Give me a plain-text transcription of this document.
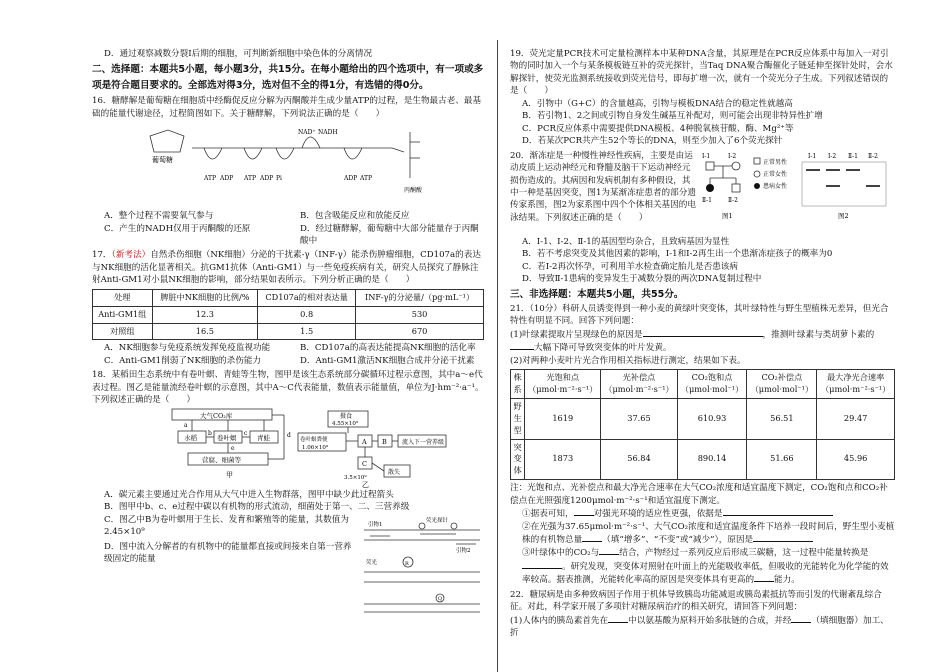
D．通过观察减数分裂Ⅰ后期的细胞，可判断新细胞中染色体的分离情况

二、选择题：本题共5小题，每小题3分，共15分。在每小题给出的四个选项中，有一项或多项是符合题目要求的。全部选对得3分，选对但不全的得1分，有选错的得0分。

16．糖酵解是葡萄糖在细胞质中经酶促反应分解为丙酮酸并生成少量ATP的过程，是生物最古老、最基础的能量代谢途径，过程简图如下。关于糖酵解，下列说法正确的是（　　）

葡萄糖
ATP ADP ATP ADP
NAD⁺ NADH
Pi	ADP ATP
丙酮酸
A．整个过程不需要氧气参与	B．包含吸能反应和放能反应
C．产生的NADH仅用于丙酮酸的还原	D．经过糖酵解，葡萄糖中大部分能量存于丙酮酸中

17．（新考法）自然杀伤细胞（NK细胞）分泌的干扰素-γ（INF-γ）能杀伤肿瘤细胞，CD107a的表达与NK细胞的活化显著相关。抗GM1抗体（Anti-GM1）与一些免疫疾病有关，研究人员探究了静脉注射Anti-GM1对小鼠NK细胞的影响，部分结果如表所示。下列分析正确的是（　　）

处理	脾脏中NK细胞的比例/%	CD107a的相对表达量	INF-γ的分泌量/（pg·mL⁻¹）
Anti-GM1组	12.3	0.8	530
对照组	16.5	1.5	670
A．NK细胞参与免疫系统发挥免疫监视功能	B．CD107a的高表达能提高NK细胞的活化率
C．Anti-GM1削弱了NK细胞的杀伤能力	D．Anti-GM1激活NK细胞合成并分泌干扰素

18．某稻田生态系统中有卷叶螟、青蛙等生物，图甲是该生态系统部分碳循环过程示意图，其中a～e代表过程。图乙是能量流经卷叶螟的示意图，其中A～C代表能量，数值表示能量值，单位为J·hm⁻²·a⁻¹。下列叙述正确的是（　　）

大气CO₂库
水稻	卷叶螟	青蛙
营腐、细菌等
a
b	c	d
e
甲
摄食
4.55×10⁹
卷叶螟粪便
1.06×10⁹
A B
C
3.5×10⁹
流入下一营养级
散失
乙

A．碳元素主要通过光合作用从大气中进入生物群落，图甲中缺少此过程箭头

B．图甲中b、c、e过程中碳以有机物的形式流动，细菌处于第一、二、三营养级

C．图乙中B为卷叶螟用于生长、发育和繁殖等的能量，其数值为 2.45×10⁹

D．图中流入分解者的有机物中的能量都直接或间接来自第一营养级固定的能量

引物1
荧光探针
引物2
荧光	R
Q

19．荧光定量PCR技术可定量检测样本中某种DNA含量，其原理是在PCR反应体系中每加入一对引物的同时加入一个与某条模板链互补的荧光探针，当Taq DNA聚合酶催化子链延伸至探针处时，会水解探针，使荧光监测系统接收到荧光信号，即每扩增一次，就有一个荧光分子生成。下列叙述错误的是（　　）

A．引物中（G+C）的含量越高，引物与模板DNA结合的稳定性就越高

B．若引物1、2之间或引物自身发生碱基互补配对，则可能会出现非特异性扩增

C．PCR反应体系中需要提供DNA模板、4种脱氧核苷酸、酶、Mg²⁺等

D．若某次PCR共产生52个等长的DNA，则至少加入了6个荧光探针

20．渐冻症是一种慢性神经性疾病，主要是由运动皮质上运动神经元和脊髓及脑干下运动神经元损伤造成的。其病因和发病机制有多种假设，其中一种是基因突变，图1为某渐冻症患者的部分遗传家系图，图2为家系图中四个个体相关基因的电泳结果。下列叙述正确的是（　　）

Ⅰ-1	Ⅰ-2
Ⅱ-1	Ⅱ-2
正常男性
正常女性
患病女性
图1
Ⅰ-1 Ⅰ-2 Ⅱ-1 Ⅱ-2
图2

A．Ⅰ-1、Ⅰ-2、Ⅱ-1的基因型均杂合，且致病基因为显性

B．若不考虑突变及其他因素的影响，Ⅰ-1和Ⅰ-2再生出一个患渐冻症孩子的概率为0

C．若Ⅰ-2再次怀孕，可利用羊水检查确定胎儿是否患该病

D．导致Ⅱ-1患病的变异发生于减数分裂的两次DNA复制过程中

三、非选择题：本题共5小题，共55分。

21．（10分）科研人员诱变得到一种小麦的黄绿叶突变体，其叶绿特性与野生型植株无差异，但光合特性有明显不同。回答下列问题：

(1)叶绿素提取片呈现绿色的原因是	，推测叶绿素与类胡萝卜素的

大幅下降可导致突变体的叶片发黄。

(2)对两种小麦叶片光合作用相关指标进行测定，结果如下表。

株系	光饱和点（μmol·m⁻²·s⁻¹）	光补偿点（μmol·m⁻²·s⁻¹）	CO₂饱和点（μmol·mol⁻¹）	CO₂补偿点（μmol·mol⁻¹）	最大净光合速率（μmol·m⁻²·s⁻¹）
野生型	1619	37.65	610.93	56.51	29.47
突变体	1873	56.84	890.14	51.66	45.96

注：光饱和点、光补偿点和最大净光合速率在大气CO₂浓度和适宜温度下测定，CO₂饱和点和CO₂补偿点在光照强度1200μmol·m⁻²·s⁻¹和适宜温度下测定。

①据表可知， 对强光环境的适应性更强，依据是

②在光强为37.65μmol·m⁻²·s⁻¹、大气CO₂浓度和适宜温度条件下培养一段时间后，野生型小麦植株的有机物总量 （填“增多”、“不变”或“减少”），原因是

③叶绿体中的CO₂与 结合，产物经过一系列反应后形成三碳糖，这一过程中能量转换是。研究发现，突变体对照射在叶面上的光能吸收率低，但吸收的光能转化为化学能的效率较高。据表推测，光能转化率高的原因是突变体具有更高的 能力。

22．糖尿病是由多种致病因子作用于机体导致胰岛功能减退或胰岛素抵抗等而引发的代谢紊乱综合征。对此，科学家开展了多项针对糖尿病治疗的相关研究，请回答下列问题：

(1)人体内的胰岛素首先在 中以氨基酸为原料开始多肽链的合成，并经 （填细胞器）加工、折
